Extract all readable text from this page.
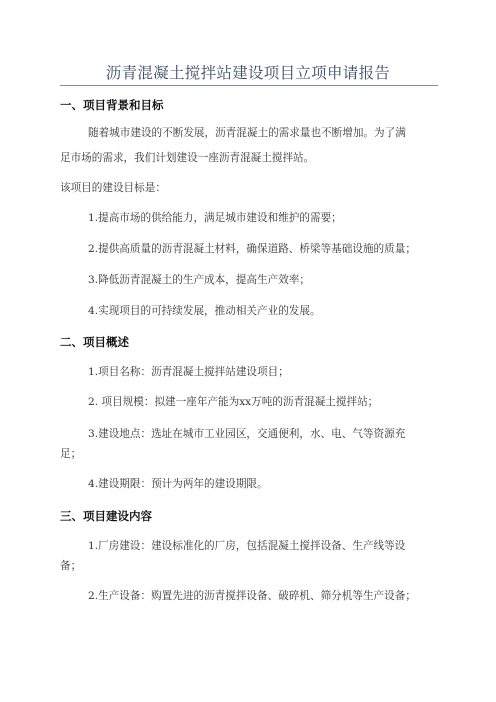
沥青混凝土搅拌站建设项目立项申请报告
一、项目背景和目标
随着城市建设的不断发展，沥青混凝土的需求量也不断增加。为了满
足市场的需求，我们计划建设一座沥青混凝土搅拌站。
该项目的建设目标是：
1.提高市场的供给能力，满足城市建设和维护的需要；
2.提供高质量的沥青混凝土材料，确保道路、桥梁等基础设施的质量；
3.降低沥青混凝土的生产成本，提高生产效率；
4.实现项目的可持续发展，推动相关产业的发展。
二、项目概述
1.项目名称：沥青混凝土搅拌站建设项目；
2. 项目规模：拟建一座年产能为xx万吨的沥青混凝土搅拌站；
3.建设地点：选址在城市工业园区，交通便利，水、电、气等资源充
足；
4.建设期限：预计为两年的建设期限。
三、项目建设内容
1.厂房建设：建设标准化的厂房，包括混凝土搅拌设备、生产线等设
备；
2.生产设备：购置先进的沥青搅拌设备、破碎机、筛分机等生产设备；
